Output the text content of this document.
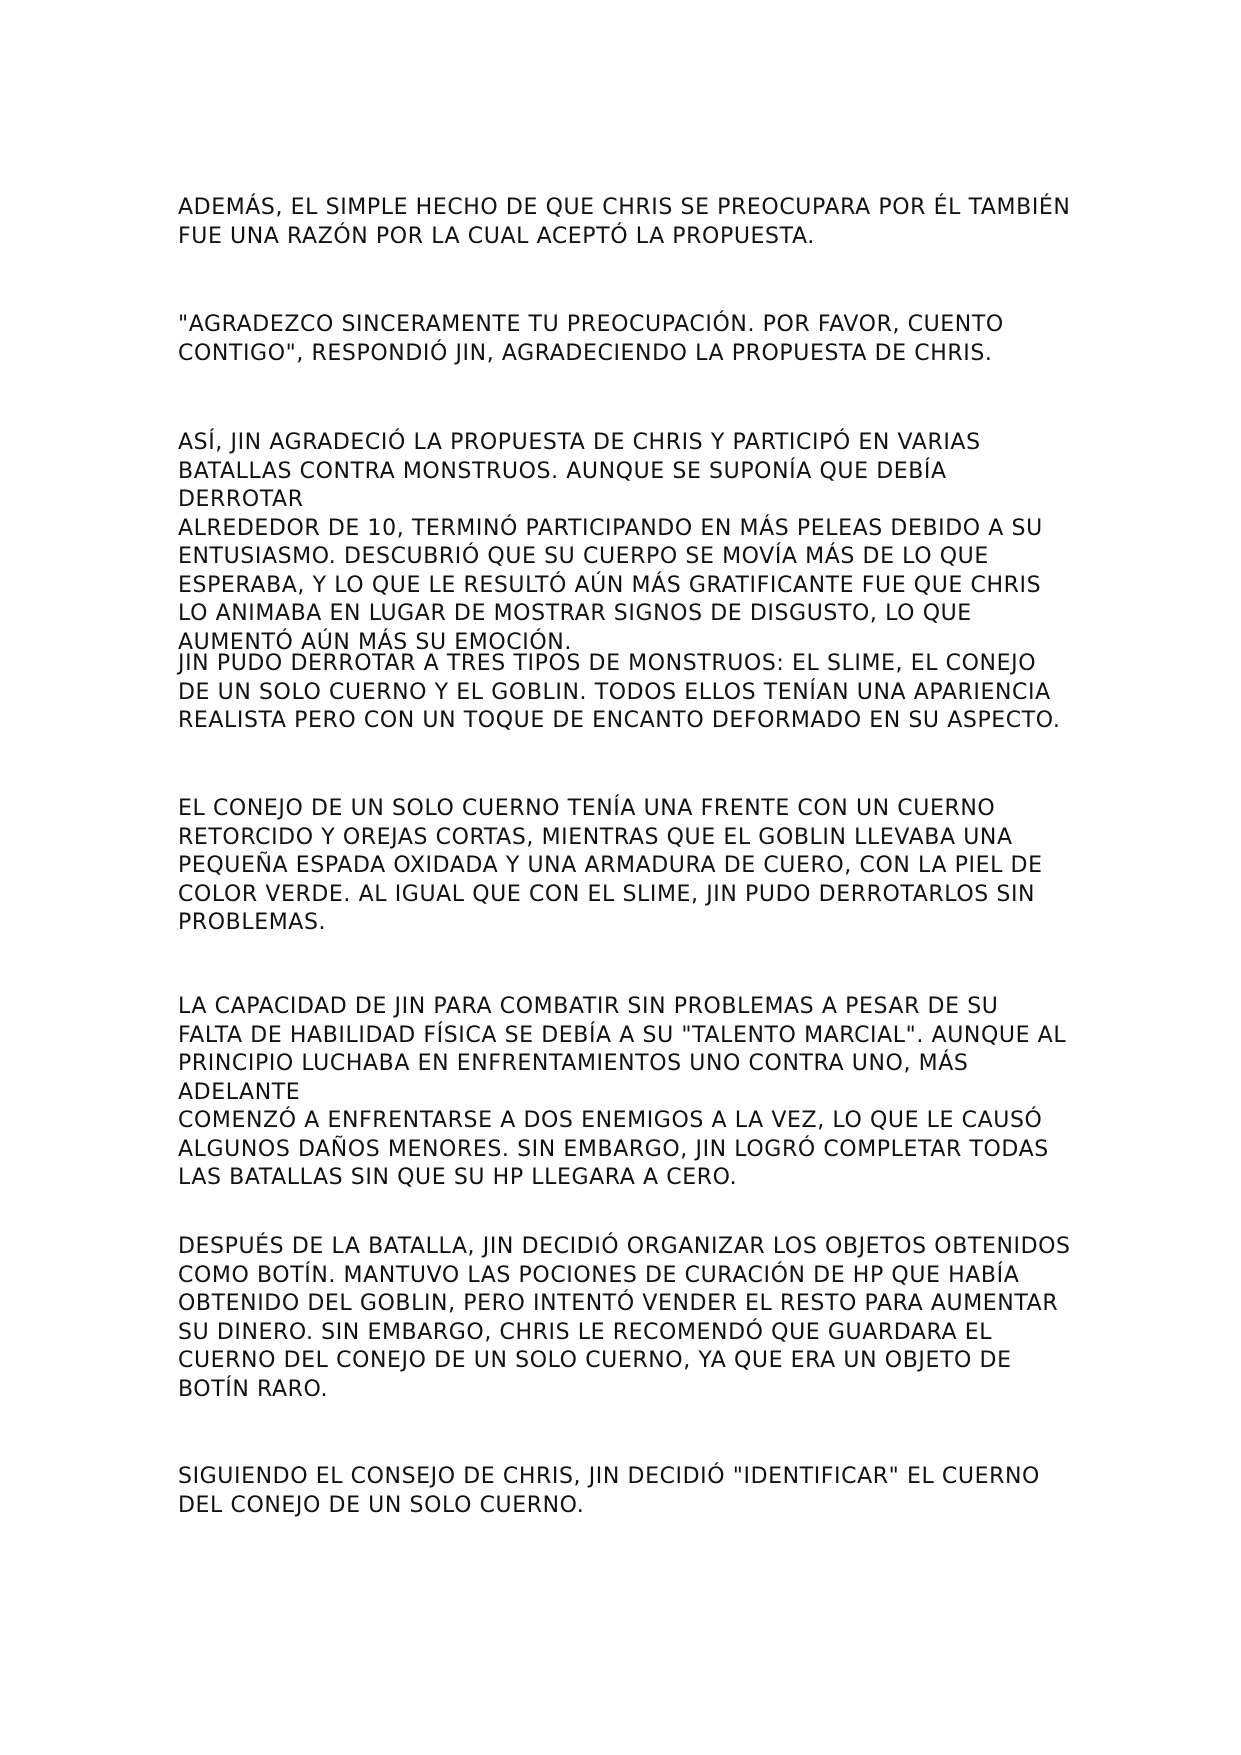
ADEMÁS, EL SIMPLE HECHO DE QUE CHRIS SE PREOCUPARA POR ÉL TAMBIÉN
FUE UNA RAZÓN POR LA CUAL ACEPTÓ LA PROPUESTA.

"AGRADEZCO SINCERAMENTE TU PREOCUPACIÓN. POR FAVOR, CUENTO
CONTIGO", RESPONDIÓ JIN, AGRADECIENDO LA PROPUESTA DE CHRIS.

ASÍ, JIN AGRADECIÓ LA PROPUESTA DE CHRIS Y PARTICIPÓ EN VARIAS
BATALLAS CONTRA MONSTRUOS. AUNQUE SE SUPONÍA QUE DEBÍA DERROTAR
ALREDEDOR DE 10, TERMINÓ PARTICIPANDO EN MÁS PELEAS DEBIDO A SU
ENTUSIASMO. DESCUBRIÓ QUE SU CUERPO SE MOVÍA MÁS DE LO QUE
ESPERABA, Y LO QUE LE RESULTÓ AÚN MÁS GRATIFICANTE FUE QUE CHRIS
LO ANIMABA EN LUGAR DE MOSTRAR SIGNOS DE DISGUSTO, LO QUE
AUMENTÓ AÚN MÁS SU EMOCIÓN.

JIN PUDO DERROTAR A TRES TIPOS DE MONSTRUOS: EL SLIME, EL CONEJO
DE UN SOLO CUERNO Y EL GOBLIN. TODOS ELLOS TENÍAN UNA APARIENCIA
REALISTA PERO CON UN TOQUE DE ENCANTO DEFORMADO EN SU ASPECTO.

EL CONEJO DE UN SOLO CUERNO TENÍA UNA FRENTE CON UN CUERNO
RETORCIDO Y OREJAS CORTAS, MIENTRAS QUE EL GOBLIN LLEVABA UNA
PEQUEÑA ESPADA OXIDADA Y UNA ARMADURA DE CUERO, CON LA PIEL DE
COLOR VERDE. AL IGUAL QUE CON EL SLIME, JIN PUDO DERROTARLOS SIN
PROBLEMAS.

LA CAPACIDAD DE JIN PARA COMBATIR SIN PROBLEMAS A PESAR DE SU
FALTA DE HABILIDAD FÍSICA SE DEBÍA A SU "TALENTO MARCIAL". AUNQUE AL
PRINCIPIO LUCHABA EN ENFRENTAMIENTOS UNO CONTRA UNO, MÁS ADELANTE
COMENZÓ A ENFRENTARSE A DOS ENEMIGOS A LA VEZ, LO QUE LE CAUSÓ
ALGUNOS DAÑOS MENORES. SIN EMBARGO, JIN LOGRÓ COMPLETAR TODAS
LAS BATALLAS SIN QUE SU HP LLEGARA A CERO.

DESPUÉS DE LA BATALLA, JIN DECIDIÓ ORGANIZAR LOS OBJETOS OBTENIDOS
COMO BOTÍN. MANTUVO LAS POCIONES DE CURACIÓN DE HP QUE HABÍA
OBTENIDO DEL GOBLIN, PERO INTENTÓ VENDER EL RESTO PARA AUMENTAR
SU DINERO. SIN EMBARGO, CHRIS LE RECOMENDÓ QUE GUARDARA EL
CUERNO DEL CONEJO DE UN SOLO CUERNO, YA QUE ERA UN OBJETO DE
BOTÍN RARO.

SIGUIENDO EL CONSEJO DE CHRIS, JIN DECIDIÓ "IDENTIFICAR" EL CUERNO
DEL CONEJO DE UN SOLO CUERNO.
